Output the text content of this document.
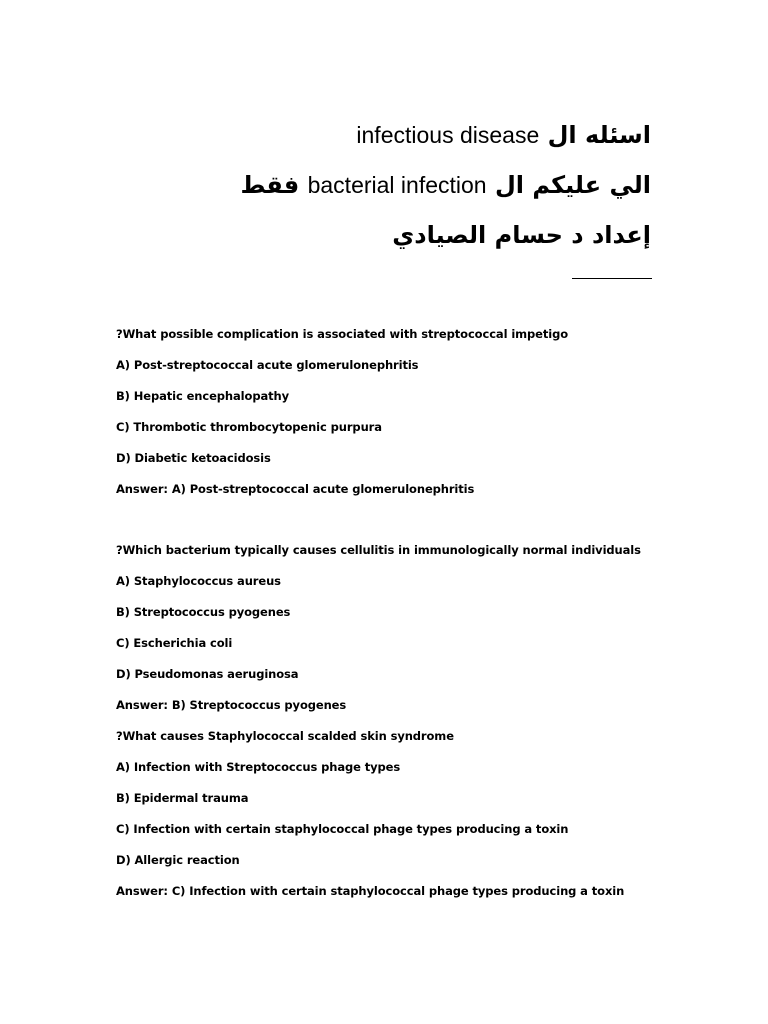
infectious disease اسئله ال
فقط bacterial infection الي عليكم ال
إعداد د حسام الصيادي
?What possible complication is associated with streptococcal impetigo
A) Post-streptococcal acute glomerulonephritis
B) Hepatic encephalopathy
C) Thrombotic thrombocytopenic purpura
D) Diabetic ketoacidosis
Answer: A) Post-streptococcal acute glomerulonephritis
?Which bacterium typically causes cellulitis in immunologically normal individuals
A) Staphylococcus aureus
B) Streptococcus pyogenes
C) Escherichia coli
D) Pseudomonas aeruginosa
Answer: B) Streptococcus pyogenes
?What causes Staphylococcal scalded skin syndrome
A) Infection with Streptococcus phage types
B) Epidermal trauma
C) Infection with certain staphylococcal phage types producing a toxin
D) Allergic reaction
Answer: C) Infection with certain staphylococcal phage types producing a toxin
